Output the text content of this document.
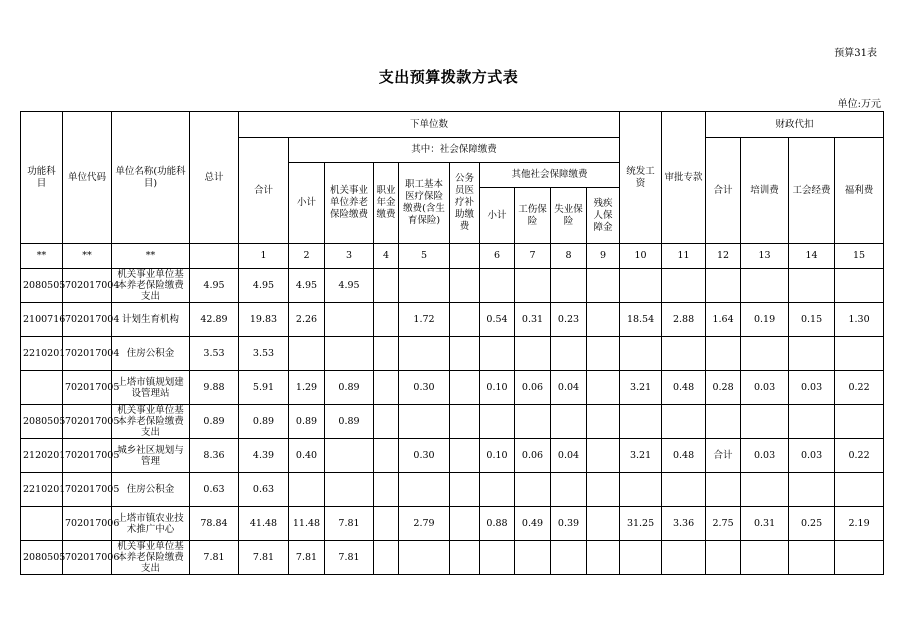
预算31表
支出预算拨款方式表
单位:万元
功能科目	单位代码	单位名称(功能科目)	总计	下单位数										统发工资	审批专款	财政代扣			
				合计	其中：社会保障缴费											合计	培训费	工会经费	福利费
					小计	机关事业单位养老保险缴费	职业年金缴费	职工基本医疗保险缴费(含生育保险)	公务员医疗补助缴费	其他社会保障缴费									
										小计	工伤保险	失业保险	残疾人保障金						
**	**	**		1	2	3	4	5		6	7	8	9	10	11	12	13	14	15
2080505	702017004	机关事业单位基本养老保险缴费支出	4.95	4.95	4.95	4.95													
2100716	702017004	计划生育机构	42.89	19.83	2.26			1.72		0.54	0.31	0.23		18.54	2.88	1.64	0.19	0.15	1.30
2210201	702017004	住房公积金	3.53	3.53															
	702017005	上塔市镇规划建设管理站	9.88	5.91	1.29	0.89		0.30		0.10	0.06	0.04		3.21	0.48	0.28	0.03	0.03	0.22
2080505	702017005	机关事业单位基本养老保险缴费支出	0.89	0.89	0.89	0.89													
2120201	702017005	城乡社区规划与管理	8.36	4.39	0.40			0.30		0.10	0.06	0.04		3.21	0.48	合计	0.03	0.03	0.22
2210201	702017005	住房公积金	0.63	0.63															
	702017006	上塔市镇农业技术推广中心	78.84	41.48	11.48	7.81		2.79		0.88	0.49	0.39		31.25	3.36	2.75	0.31	0.25	2.19
2080505	702017006	机关事业单位基本养老保险缴费支出	7.81	7.81	7.81	7.81													
